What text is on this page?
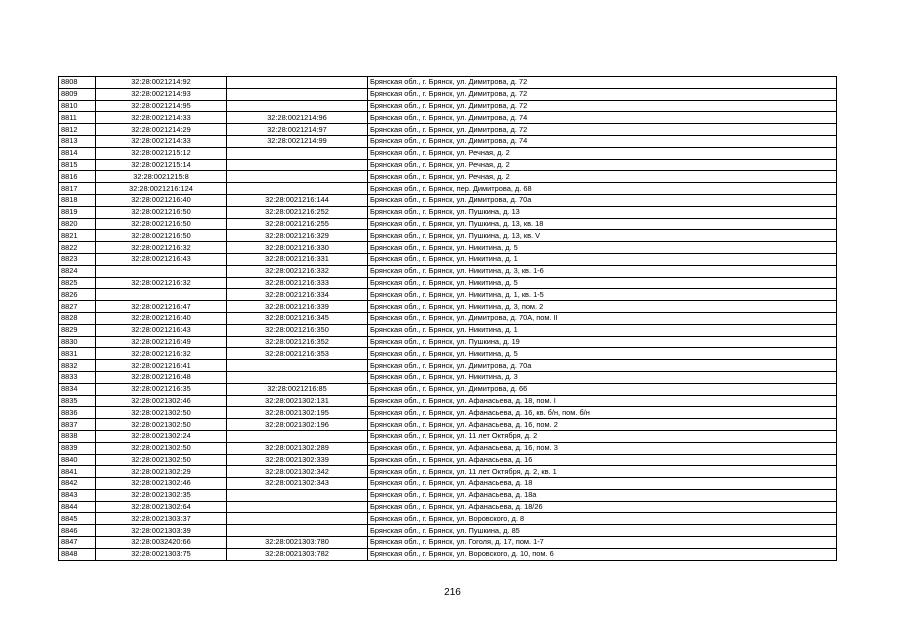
8808	32:28:0021214:92		Брянская обл., г. Брянск, ул. Димитрова, д. 72
8809	32:28:0021214:93		Брянская обл., г. Брянск, ул. Димитрова, д. 72
8810	32:28:0021214:95		Брянская обл., г. Брянск, ул. Димитрова, д. 72
8811	32:28:0021214:33	32:28:0021214:96	Брянская обл., г. Брянск, ул. Димитрова, д. 74
8812	32:28:0021214:29	32:28:0021214:97	Брянская обл., г. Брянск, ул. Димитрова, д. 72
8813	32:28:0021214:33	32:28:0021214:99	Брянская обл., г. Брянск, ул. Димитрова, д. 74
8814	32:28:0021215:12		Брянская обл., г. Брянск, ул. Речная, д. 2
8815	32:28:0021215:14		Брянская обл., г. Брянск, ул. Речная, д. 2
8816	32:28:0021215:8		Брянская обл., г. Брянск, ул. Речная, д. 2
8817	32:28:0021216:124		Брянская обл., г. Брянск, пер. Димитрова, д. 68
8818	32:28:0021216:40	32:28:0021216:144	Брянская обл., г. Брянск, ул. Димитрова, д. 70а
8819	32:28:0021216:50	32:28:0021216:252	Брянская обл., г. Брянск, ул. Пушкина, д. 13
8820	32:28:0021216:50	32:28:0021216:255	Брянская обл., г. Брянск, ул. Пушкина, д. 13, кв. 18
8821	32:28:0021216:50	32:28:0021216:329	Брянская обл., г. Брянск, ул. Пушкина, д. 13, кв. V
8822	32:28:0021216:32	32:28:0021216:330	Брянская обл., г. Брянск, ул. Никитина, д. 5
8823	32:28:0021216:43	32:28:0021216:331	Брянская обл., г. Брянск, ул. Никитина, д. 1
8824		32:28:0021216:332	Брянская обл., г. Брянск, ул. Никитина, д. 3, кв. 1-6
8825	32:28:0021216:32	32:28:0021216:333	Брянская обл., г. Брянск, ул. Никитина, д. 5
8826		32:28:0021216:334	Брянская обл., г. Брянск, ул. Никитина, д. 1, кв. 1-5
8827	32:28:0021216:47	32:28:0021216:339	Брянская обл., г. Брянск, ул. Никитина, д. 3, пом. 2
8828	32:28:0021216:40	32:28:0021216:345	Брянская обл., г. Брянск, ул. Димитрова, д. 70А, пом. II
8829	32:28:0021216:43	32:28:0021216:350	Брянская обл., г. Брянск, ул. Никитина, д. 1
8830	32:28:0021216:49	32:28:0021216:352	Брянская обл., г. Брянск, ул. Пушкина, д. 19
8831	32:28:0021216:32	32:28:0021216:353	Брянская обл., г. Брянск, ул. Никитина, д. 5
8832	32:28:0021216:41		Брянская обл., г. Брянск, ул. Димитрова, д. 70а
8833	32:28:0021216:48		Брянская обл., г. Брянск, ул. Никитина, д. 3
8834	32:28:0021216:35	32:28:0021216:85	Брянская обл., г. Брянск, ул. Димитрова, д. 66
8835	32:28:0021302:46	32:28:0021302:131	Брянская обл., г. Брянск, ул. Афанасьева, д. 18, пом. I
8836	32:28:0021302:50	32:28:0021302:195	Брянская обл., г. Брянск, ул. Афанасьева, д. 16, кв. б/н, пом. б/н
8837	32:28:0021302:50	32:28:0021302:196	Брянская обл., г. Брянск, ул. Афанасьева, д. 16, пом. 2
8838	32:28:0021302:24		Брянская обл., г. Брянск, ул. 11 лет Октября, д. 2
8839	32:28:0021302:50	32:28:0021302:289	Брянская обл., г. Брянск, ул. Афанасьева, д. 16, пом. 3
8840	32:28:0021302:50	32:28:0021302:339	Брянская обл., г. Брянск, ул. Афанасьева, д. 16
8841	32:28:0021302:29	32:28:0021302:342	Брянская обл., г. Брянск, ул. 11 лет Октября, д. 2, кв. 1
8842	32:28:0021302:46	32:28:0021302:343	Брянская обл., г. Брянск, ул. Афанасьева, д. 18
8843	32:28:0021302:35		Брянская обл., г. Брянск, ул. Афанасьева, д. 18а
8844	32:28:0021302:64		Брянская обл., г. Брянск, ул. Афанасьева, д. 18/26
8845	32:28:0021303:37		Брянская обл., г. Брянск, ул. Воровского, д. 8
8846	32:28:0021303:39		Брянская обл., г. Брянск, ул. Пушкина, д. 85
8847	32:28:0032420:66	32:28:0021303:780	Брянская обл., г. Брянск, ул. Гоголя, д. 17, пом. 1-7
8848	32:28:0021303:75	32:28:0021303:782	Брянская обл., г. Брянск, ул. Воровского, д. 10, пом. 6
216
